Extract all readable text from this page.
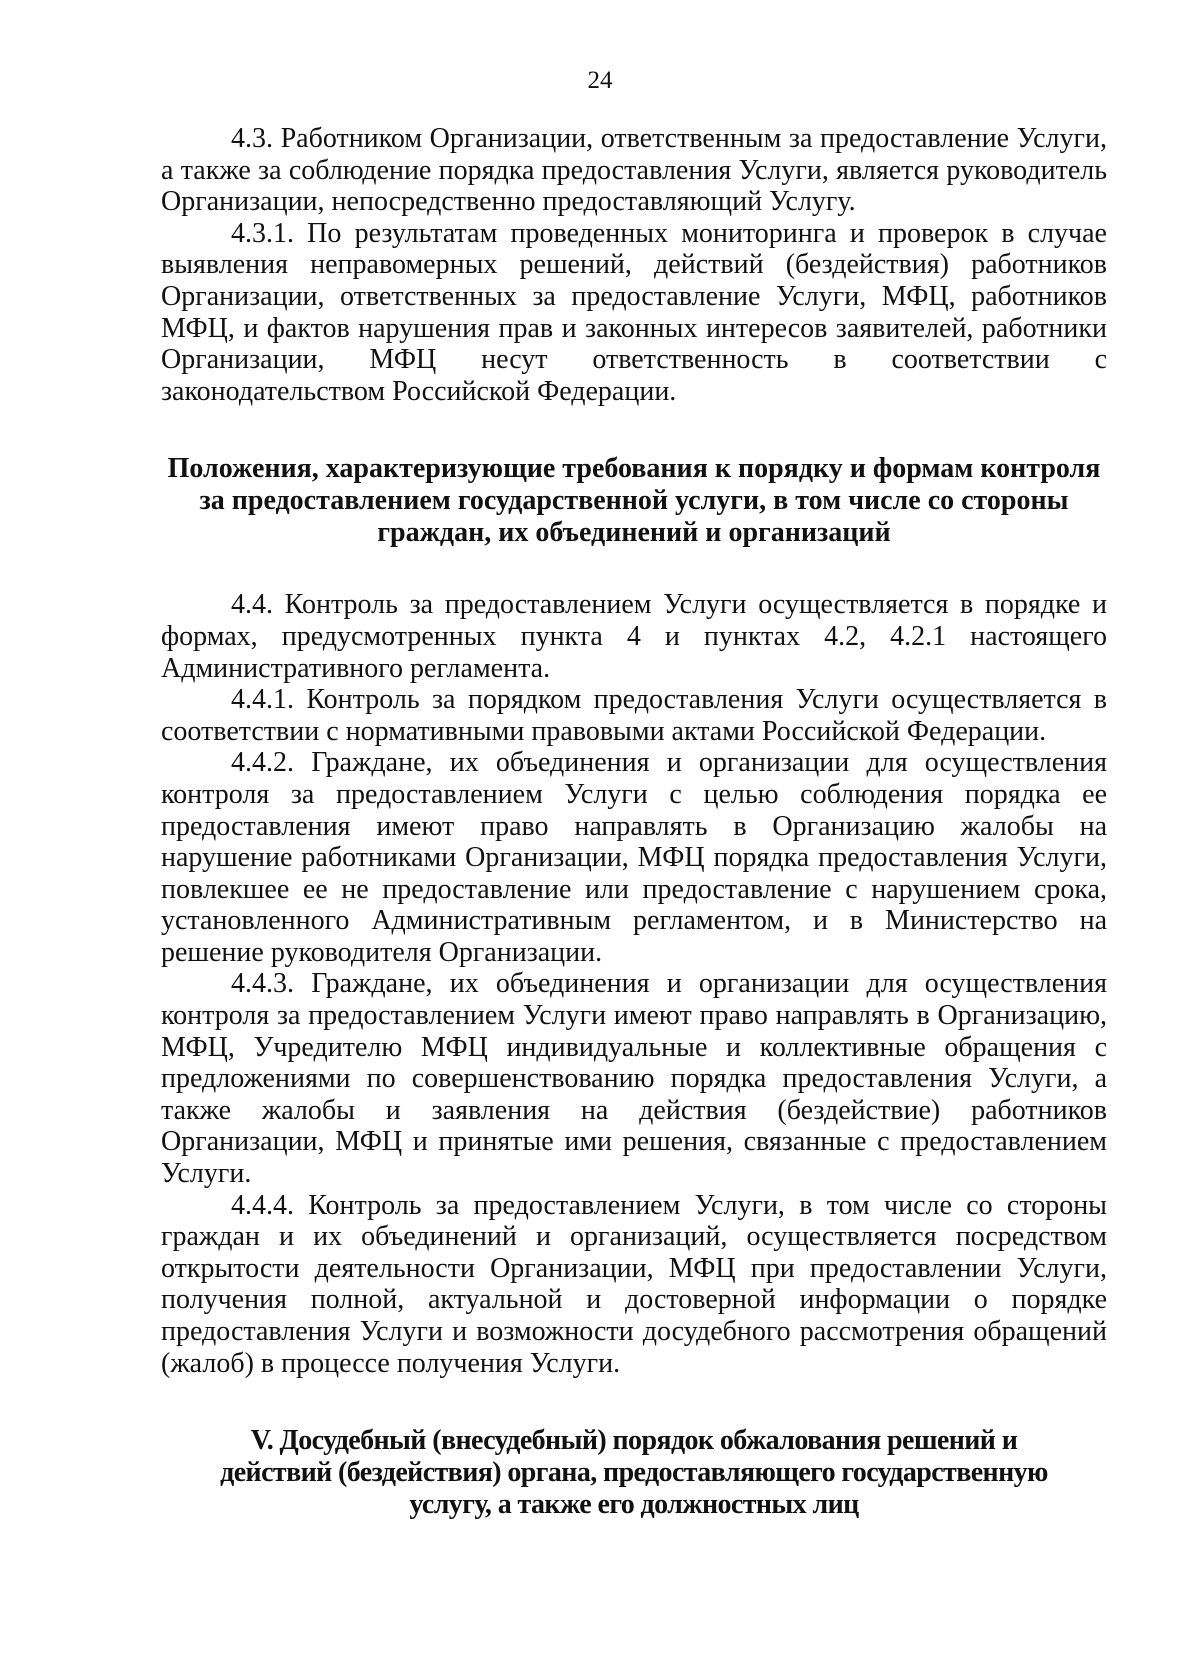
24

4.3. Работником Организации, ответственным за предоставление Услуги, а также за соблюдение порядка предоставления Услуги, является руководитель Организации, непосредственно предоставляющий Услугу.

4.3.1. По результатам проведенных мониторинга и проверок в случае выявления неправомерных решений, действий (бездействия) работников Организации, ответственных за предоставление Услуги, МФЦ, работников МФЦ, и фактов нарушения прав и законных интересов заявителей, работники Организации, МФЦ несут ответственность в соответствии с законодательством Российской Федерации.

Положения, характеризующие требования к порядку и формам контроля за предоставлением государственной услуги, в том числе со стороны граждан, их объединений и организаций

4.4. Контроль за предоставлением Услуги осуществляется в порядке и формах, предусмотренных пункта 4 и пунктах 4.2, 4.2.1 настоящего Административного регламента.

4.4.1. Контроль за порядком предоставления Услуги осуществляется в соответствии с нормативными правовыми актами Российской Федерации.

4.4.2. Граждане, их объединения и организации для осуществления контроля за предоставлением Услуги с целью соблюдения порядка ее предоставления имеют право направлять в Организацию жалобы на нарушение работниками Организации, МФЦ порядка предоставления Услуги, повлекшее ее не предоставление или предоставление с нарушением срока, установленного Административным регламентом, и в Министерство на решение руководителя Организации.

4.4.3. Граждане, их объединения и организации для осуществления контроля за предоставлением Услуги имеют право направлять в Организацию, МФЦ, Учредителю МФЦ индивидуальные и коллективные обращения с предложениями по совершенствованию порядка предоставления Услуги, а также жалобы и заявления на действия (бездействие) работников Организации, МФЦ и принятые ими решения, связанные с предоставлением Услуги.

4.4.4. Контроль за предоставлением Услуги, в том числе со стороны граждан и их объединений и организаций, осуществляется посредством открытости деятельности Организации, МФЦ при предоставлении Услуги, получения полной, актуальной и достоверной информации о порядке предоставления Услуги и возможности досудебного рассмотрения обращений (жалоб) в процессе получения Услуги.

V. Досудебный (внесудебный) порядок обжалования решений и действий (бездействия) органа, предоставляющего государственную услугу, а также его должностных лиц
